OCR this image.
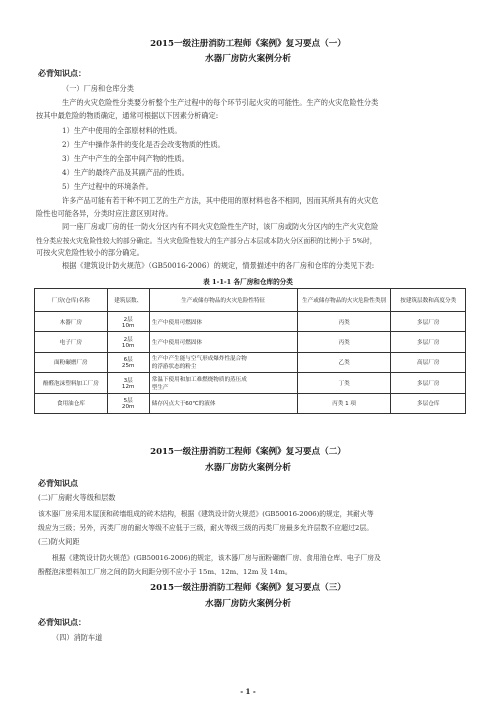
2015一级注册消防工程师《案例》复习要点（一）
水器厂房防火案例分析
必背知识点：
（一）厂房和仓库分类
生产的火灾危险性分类要分析整个生产过程中的每个环节引起火灾的可能性。生产的火灾危险性分类
按其中最危险的物质确定，通常可根据以下因素分析确定:
1）生产中使用的全部原材料的性质。
2）生产中操作条件的变化是否会改变物质的性质。
3）生产中产生的全部中间产物的性质。
4）生产的最终产品及其副产品的性质。
5）生产过程中的环境条件。
许多产品可能有若干种不同工艺的生产方法，其中使用的原材料也各不相同，因而其所具有的火灾危
险性也可能各异，分类时应注意区别对待。
同一座厂房或厂房的任一防火分区内有不同火灾危险性生产时，该厂房或防火分区内的生产火灾危险
性分类应按火灾危险性较大的部分确定。当火灾危险性较大的生产部分占本层或本防火分区面积的比例小于 5%时，
可按火灾危险性较小的部分确定。
根据《建筑设计防火规范》（GB50016-2006）的规定，情景描述中的各厂房和仓库的分类见下表:
表 1-1-1 各厂房和仓库的分类
厂房(仓库)名称	建筑层数、	生产或储存物品的火灾危险性特征	生产或储存物品的火灾危险性类别	按建筑层数和高度分类
木器厂房	2层
10m	生产中使用可燃固体	丙类	多层厂房
电子厂房	2层
10m	生产中使用可燃固体	丙类	多层厂房
面粉碾磨厂房	6层
25m	生产中产生能与空气形成爆炸性混合物
的浮游状态的粉尘	乙类	高层厂房
酚醛泡沫塑料加工厂房	3层
12m	常温下使用和加工难燃烧物质的蒸压成
型生产	丁类	多层厂房
食用油仓库	5层
20m	储存闪点大于60℃的液体	丙类 1 项	多层仓库
2015一级注册消防工程师《案例》复习要点（二）
水器厂房防火案例分析
必背知识点
(二)厂房耐火等级和层数
该木器厂房采用木屋顶和砖墙组成的砖木结构，根据《建筑设计防火规范》(GB50016-2006)的规定，其耐火等
级应为三级；另外，丙类厂房的耐火等级不应低于三级，耐火等级三级的丙类厂房最多允许层数不应超过2层。
(三)防火间距
根据《建筑设计防火规范》(GB50016-2006)的规定，该木器厂房与面粉碾磨厂房、食用油仓库、电子厂房及
酚醛泡沫塑料加工厂房之间的防火间距分别不应小于 15m、12m、12m 及 14m。
2015一级注册消防工程师《案例》复习要点（三）
水器厂房防火案例分析
必背知识点：
（四）消防车道
- 1 -
